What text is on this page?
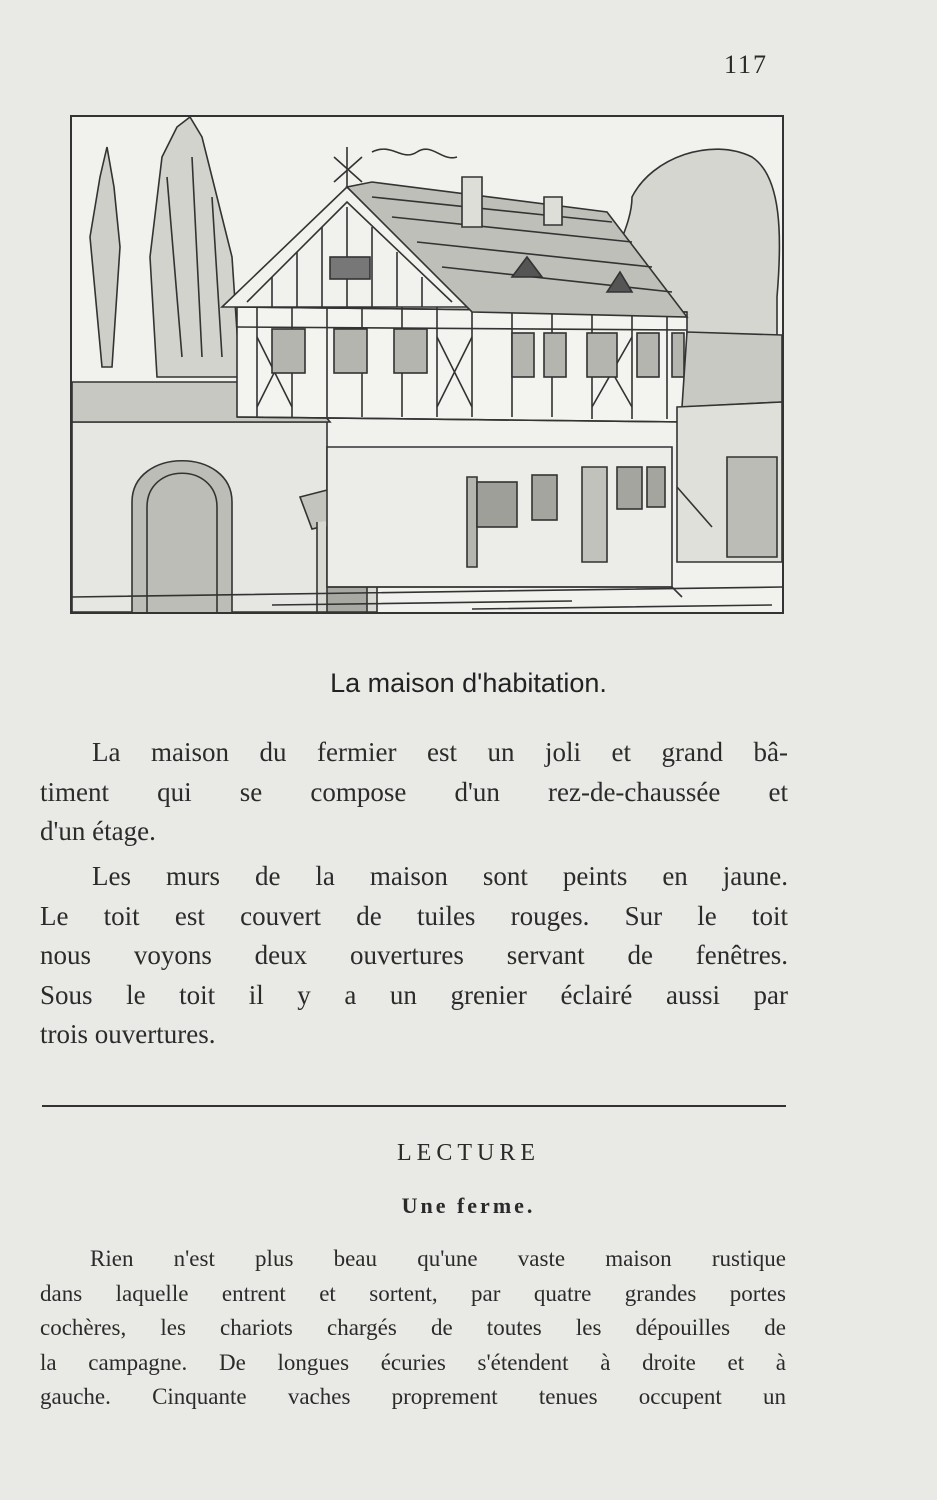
117
La maison d'habitation.

La maison du fermier est un joli et grand bâ-
timent qui se compose d'un rez-de-chaussée et
d'un étage.

Les murs de la maison sont peints en jaune.
Le toit est couvert de tuiles rouges. Sur le toit
nous voyons deux ouvertures servant de fenêtres.
Sous le toit il y a un grenier éclairé aussi par
trois ouvertures.

LECTURE
Une ferme.

Rien n'est plus beau qu'une vaste maison rustique
dans laquelle entrent et sortent, par quatre grandes portes
cochères, les chariots chargés de toutes les dépouilles de
la campagne. De longues écuries s'étendent à droite et à
gauche. Cinquante vaches proprement tenues occupent un
